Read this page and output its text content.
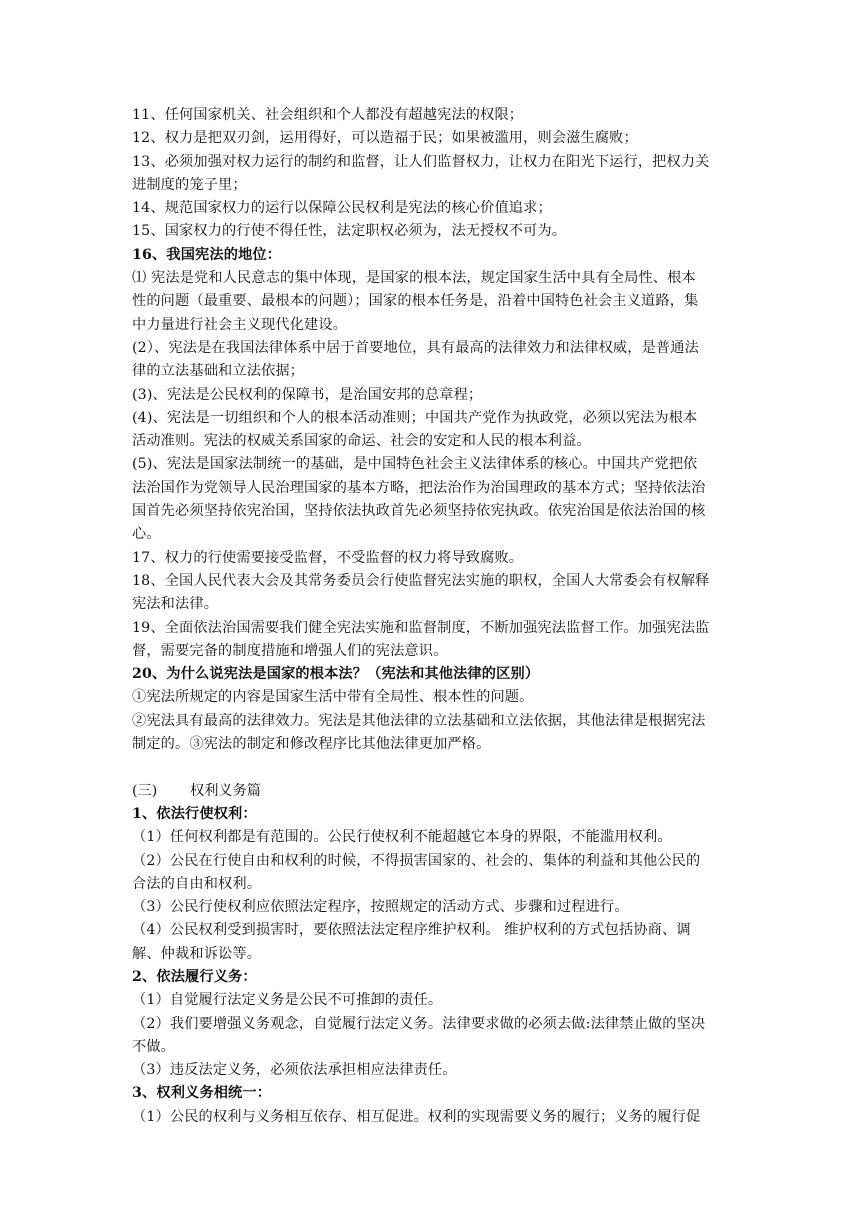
11、任何国家机关、社会组织和个人都没有超越宪法的权限；
12、权力是把双刃剑，运用得好，可以造福于民；如果被滥用，则会滋生腐败；
13、必须加强对权力运行的制约和监督，让人们监督权力，让权力在阳光下运行，把权力关
进制度的笼子里；
14、规范国家权力的运行以保障公民权利是宪法的核心价值追求；
15、国家权力的行使不得任性，法定职权必须为，法无授权不可为。
16、我国宪法的地位：
⑴ 宪法是党和人民意志的集中体现，是国家的根本法，规定国家生活中具有全局性、根本
性的问题（最重要、最根本的问题）；国家的根本任务是，沿着中国特色社会主义道路，集
中力量进行社会主义现代化建设。
(2）、宪法是在我国法律体系中居于首要地位，具有最高的法律效力和法律权威，是普通法
律的立法基础和立法依据；
(3)、宪法是公民权利的保障书，是治国安邦的总章程；
(4)、宪法是一切组织和个人的根本活动准则；中国共产党作为执政党，必须以宪法为根本
活动准则。宪法的权威关系国家的命运、社会的安定和人民的根本利益。
(5)、宪法是国家法制统一的基础，是中国特色社会主义法律体系的核心。中国共产党把依
法治国作为党领导人民治理国家的基本方略，把法治作为治国理政的基本方式；坚持依法治
国首先必须坚持依宪治国，坚持依法执政首先必须坚持依宪执政。依宪治国是依法治国的核
心。
17、权力的行使需要接受监督，不受监督的权力将导致腐败。
18、全国人民代表大会及其常务委员会行使监督宪法实施的职权，全国人大常委会有权解释
宪法和法律。
19、全面依法治国需要我们健全宪法实施和监督制度，不断加强宪法监督工作。加强宪法监
督，需要完备的制度措施和增强人们的宪法意识。
20、为什么说宪法是国家的根本法？（宪法和其他法律的区别）
①宪法所规定的内容是国家生活中带有全局性、根本性的问题。
②宪法具有最高的法律效力。宪法是其他法律的立法基础和立法依据，其他法律是根据宪法
制定的。③宪法的制定和修改程序比其他法律更加严格。
(三) 权利义务篇
1、依法行使权利：
（1）任何权利都是有范围的。公民行使权利不能超越它本身的界限，不能滥用权利。
（2）公民在行使自由和权利的时候，不得损害国家的、社会的、集体的利益和其他公民的
合法的自由和权利。
（3）公民行使权利应依照法定程序，按照规定的活动方式、步骤和过程进行。
（4）公民权利受到损害时，要依照法法定程序维护权利。 维护权利的方式包括协商、调
解、仲裁和诉讼等。
2、依法履行义务：
（1）自觉履行法定义务是公民不可推卸的责任。
（2）我们要增强义务观念，自觉履行法定义务。法律要求做的必须去做:法律禁止做的坚决
不做。
（3）违反法定义务，必须依法承担相应法律责任。
3、权利义务相统一：
（1）公民的权利与义务相互依存、相互促进。权利的实现需要义务的履行；义务的履行促
